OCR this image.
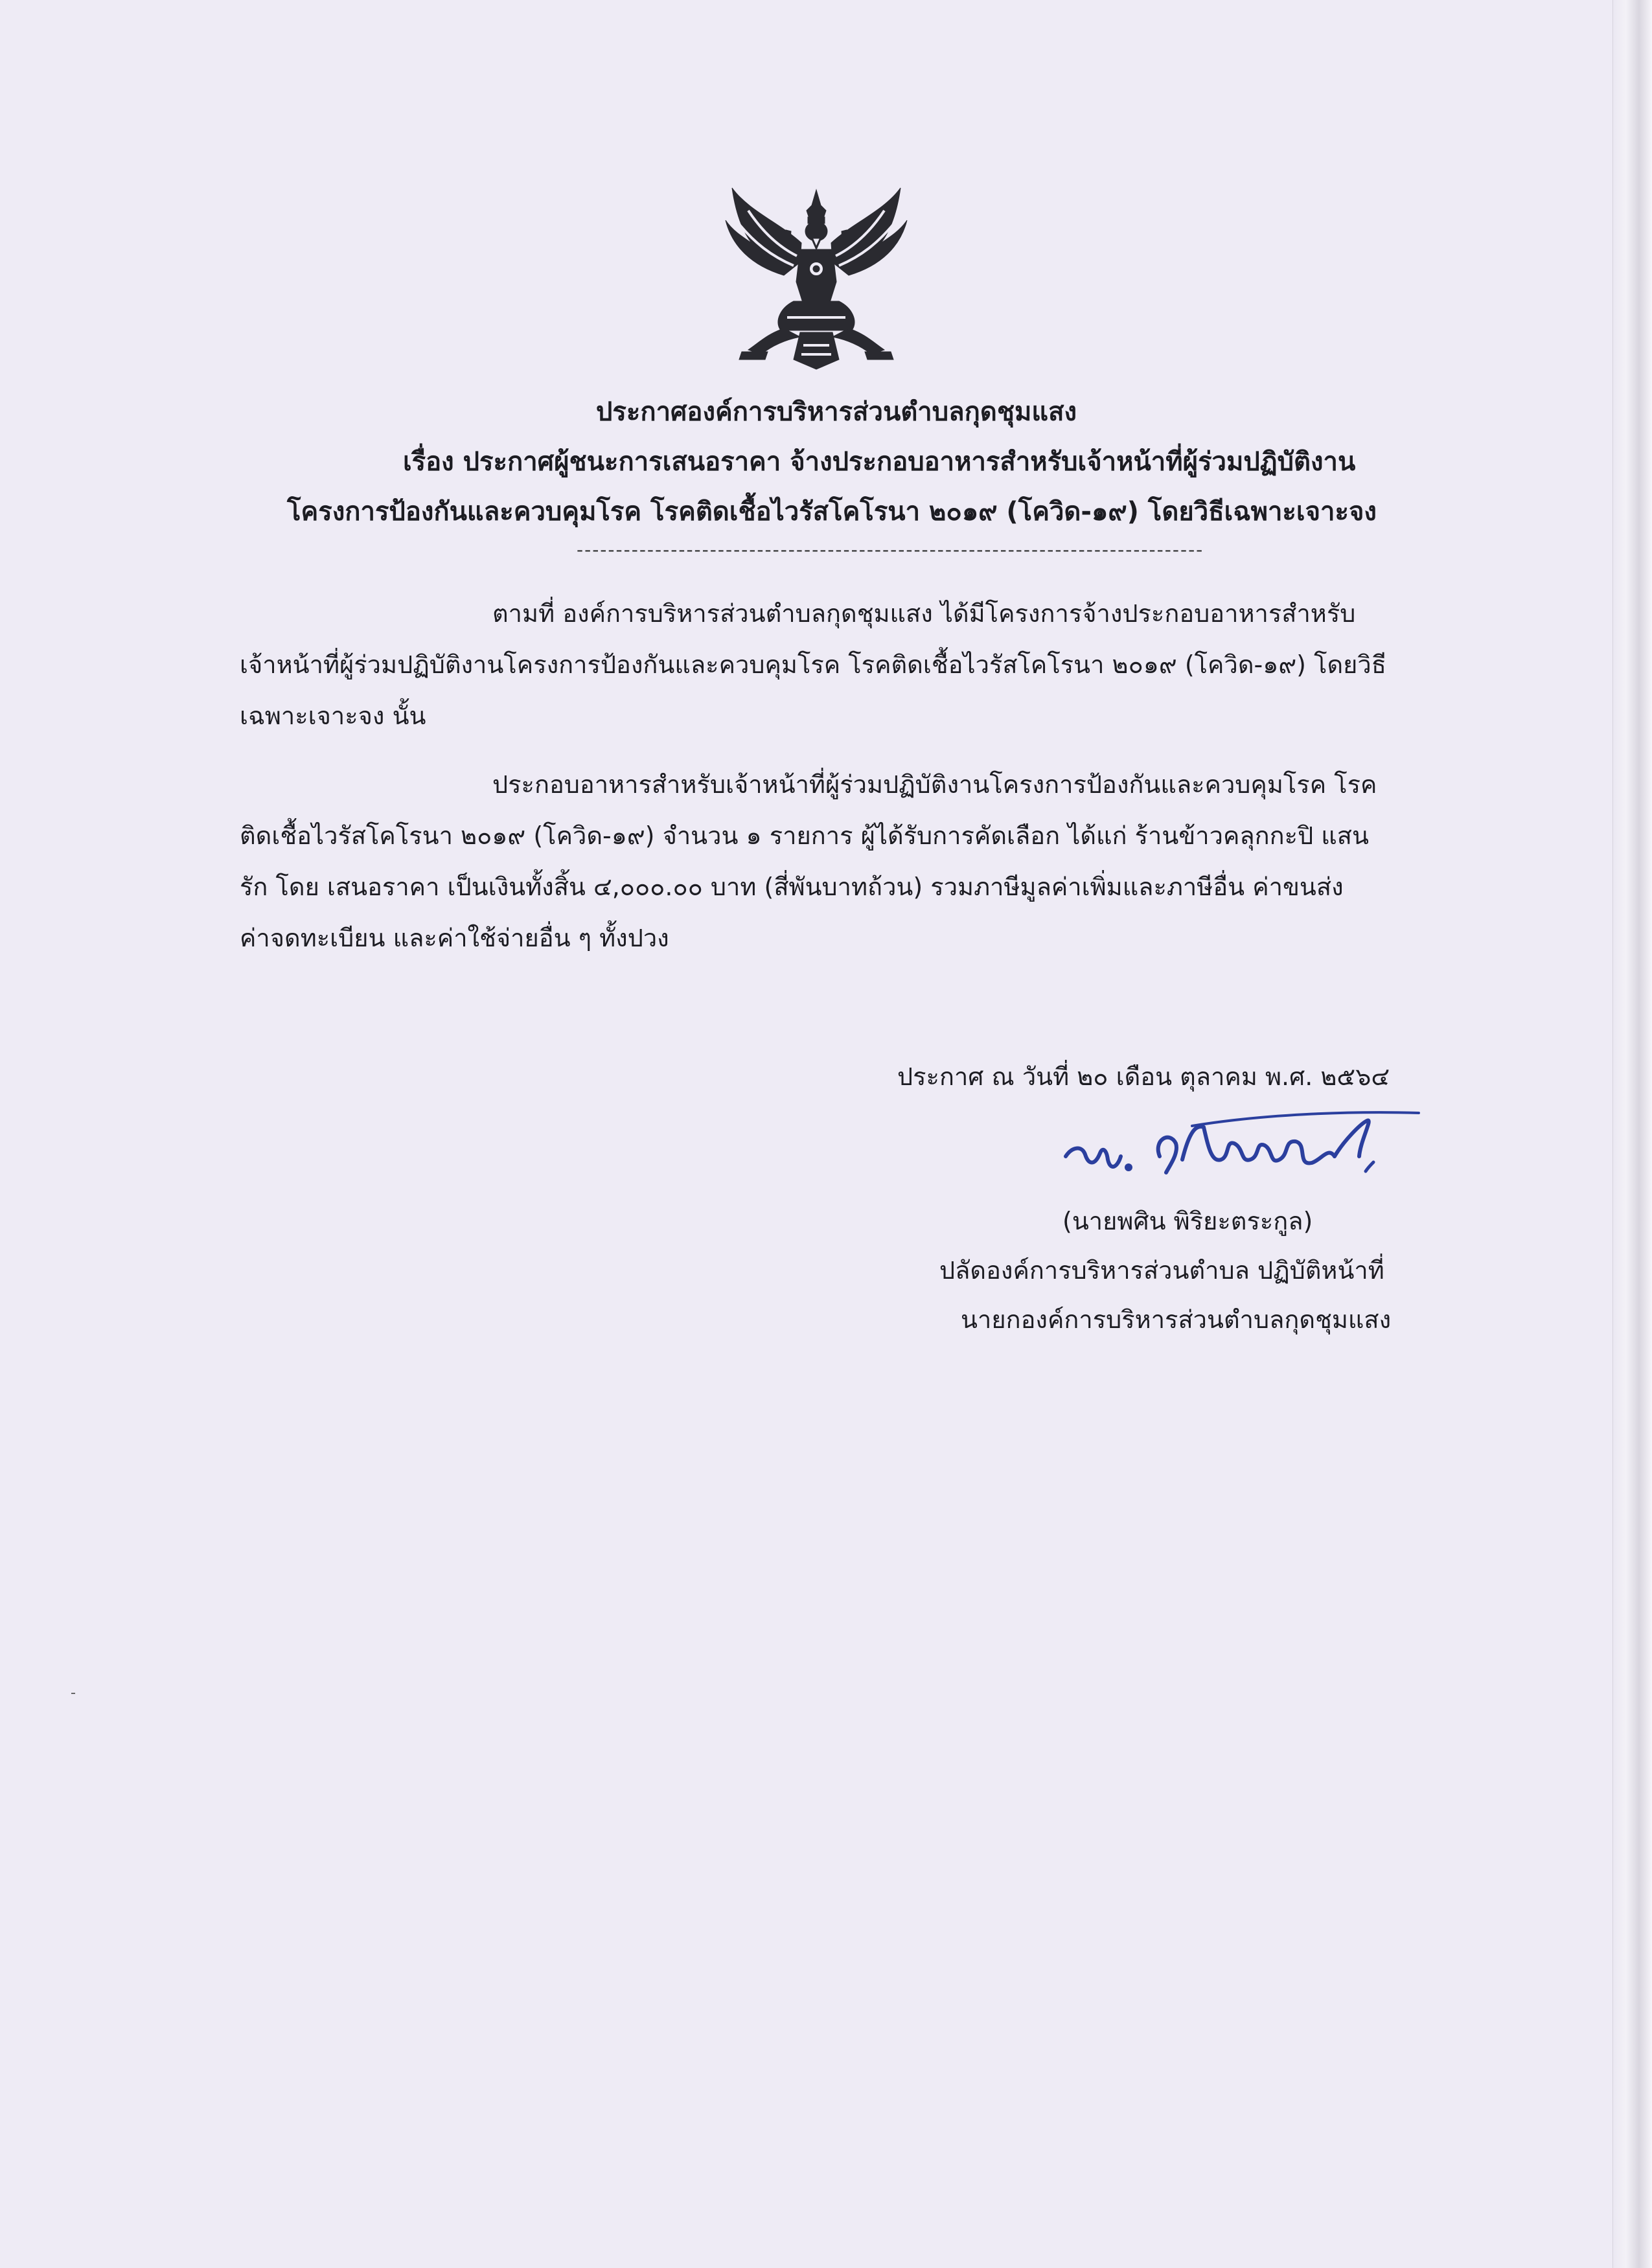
ประกาศองค์การบริหารส่วนตำบลกุดชุมแสง
เรื่อง ประกาศผู้ชนะการเสนอราคา จ้างประกอบอาหารสำหรับเจ้าหน้าที่ผู้ร่วมปฏิบัติงาน
โครงการป้องกันและควบคุมโรค โรคติดเชื้อไวรัสโคโรนา ๒๐๑๙ (โควิด-๑๙) โดยวิธีเฉพาะเจาะจง
--------------------------------------------------------------------------------
ตามที่ องค์การบริหารส่วนตำบลกุดชุมแสง ได้มีโครงการจ้างประกอบอาหารสำหรับ
เจ้าหน้าที่ผู้ร่วมปฏิบัติงานโครงการป้องกันและควบคุมโรค โรคติดเชื้อไวรัสโคโรนา ๒๐๑๙ (โควิด-๑๙) โดยวิธี
เฉพาะเจาะจง นั้น
ประกอบอาหารสำหรับเจ้าหน้าที่ผู้ร่วมปฏิบัติงานโครงการป้องกันและควบคุมโรค โรค
ติดเชื้อไวรัสโคโรนา ๒๐๑๙ (โควิด-๑๙) จำนวน ๑ รายการ ผู้ได้รับการคัดเลือก ได้แก่ ร้านข้าวคลุกกะปิ แสน
รัก โดย เสนอราคา เป็นเงินทั้งสิ้น ๔,๐๐๐.๐๐ บาท (สี่พันบาทถ้วน) รวมภาษีมูลค่าเพิ่มและภาษีอื่น ค่าขนส่ง
ค่าจดทะเบียน และค่าใช้จ่ายอื่น ๆ ทั้งปวง
ประกาศ ณ วันที่ ๒๐ เดือน ตุลาคม พ.ศ. ๒๕๖๔
(นายพศิน พิริยะตระกูล)
ปลัดองค์การบริหารส่วนตำบล ปฏิบัติหน้าที่
นายกองค์การบริหารส่วนตำบลกุดชุมแสง
